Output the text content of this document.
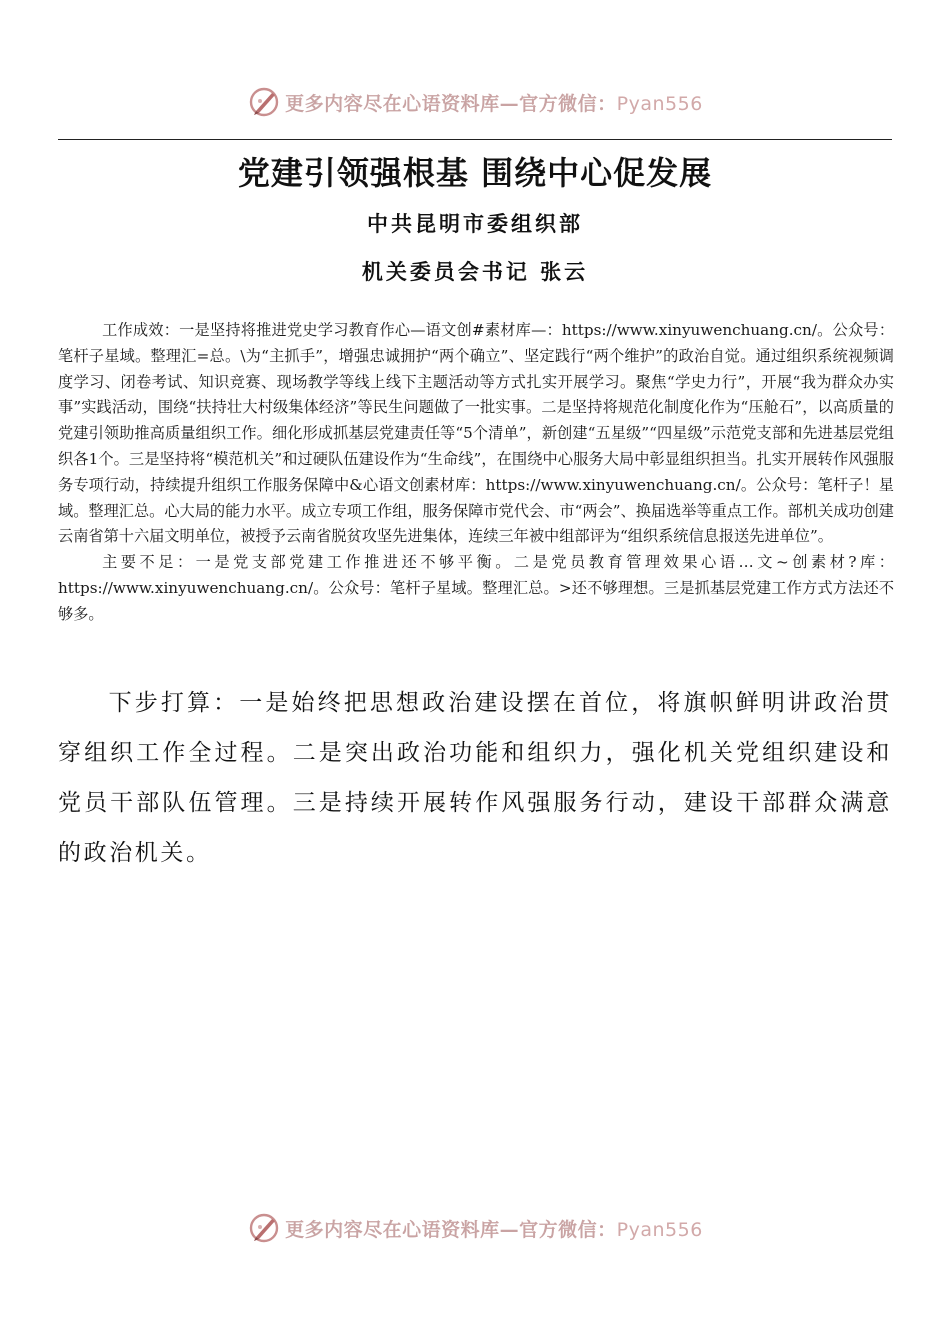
更多内容尽在心语资料库—官方微信：Pyan556
党建引领强根基 围绕中心促发展
中共昆明市委组织部
机关委员会书记 张云

工作成效：一是坚持将推进党史学习教育作心—语文创#素材库—：https://www.xinyuwenchuang.cn/。公众号：笔杆子星域。整理汇=总。\为“主抓手”，增强忠诚拥护“两个确立”、坚定践行“两个维护”的政治自觉。通过组织系统视频调度学习、闭卷考试、知识竞赛、现场教学等线上线下主题活动等方式扎实开展学习。聚焦“学史力行”，开展“我为群众办实事”实践活动，围绕“扶持壮大村级集体经济”等民生问题做了一批实事。二是坚持将规范化制度化作为“压舱石”，以高质量的党建引领助推高质量组织工作。细化形成抓基层党建责任等“5个清单”，新创建“五星级”“四星级”示范党支部和先进基层党组织各1个。三是坚持将“模范机关”和过硬队伍建设作为“生命线”，在围绕中心服务大局中彰显组织担当。扎实开展转作风强服务专项行动，持续提升组织工作服务保障中&心语文创素材库：https://www.xinyuwenchuang.cn/。公众号：笔杆子！星域。整理汇总。心大局的能力水平。成立专项工作组，服务保障市党代会、市“两会”、换届选举等重点工作。部机关成功创建云南省第十六届文明单位，被授予云南省脱贫攻坚先进集体，连续三年被中组部评为“组织系统信息报送先进单位”。

主要不足：一是党支部党建工作推进还不够平衡。二是党员教育管理效果心语…文~创素材?库：https://www.xinyuwenchuang.cn/。公众号：笔杆子星域。整理汇总。>还不够理想。三是抓基层党建工作方式方法还不够多。

下步打算：一是始终把思想政治建设摆在首位，将旗帜鲜明讲政治贯穿组织工作全过程。二是突出政治功能和组织力，强化机关党组织建设和党员干部队伍管理。三是持续开展转作风强服务行动，建设干部群众满意的政治机关。

更多内容尽在心语资料库—官方微信：Pyan556
